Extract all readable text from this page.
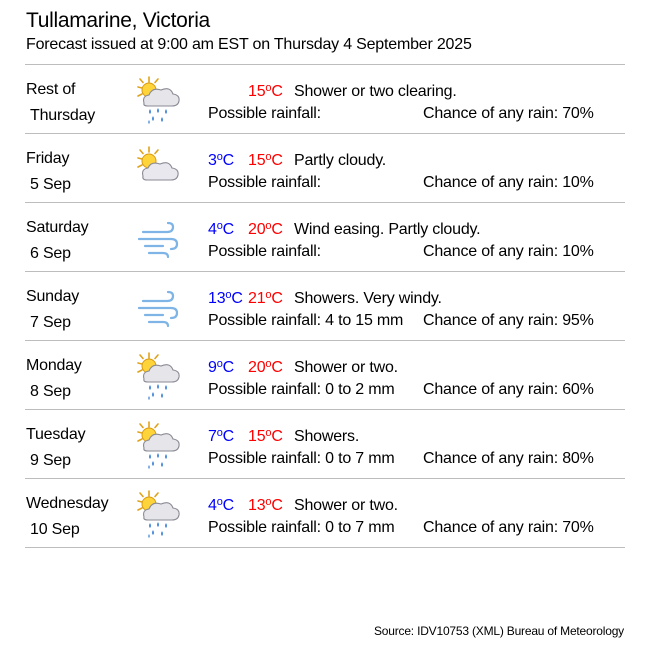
Tullamarine, Victoria
Forecast issued at 9:00 am EST on Thursday 4 September 2025
Rest of
Thursday
15$^o$C Shower or two clearing.
Possible rainfall:	Chance of any rain: 70%
Friday
5 Sep
3$^o$C 15$^o$C Partly cloudy.
Possible rainfall:	Chance of any rain: 10%
Saturday
6 Sep
4$^o$C 20$^o$C Wind easing. Partly cloudy.
Possible rainfall:	Chance of any rain: 10%
Sunday
7 Sep
13$^o$C 21$^o$C Showers. Very windy.
Possible rainfall: 4 to 15 mm Chance of any rain: 95%
Monday
8 Sep
9$^o$C 20$^o$C Shower or two.
Possible rainfall: 0 to 2 mm Chance of any rain: 60%
Tuesday
9 Sep
7$^o$C 15$^o$C Showers.
Possible rainfall: 0 to 7 mm Chance of any rain: 80%
Wednesday
10 Sep
4$^o$C 13$^o$C Shower or two.
Possible rainfall: 0 to 7 mm Chance of any rain: 70%
Source: IDV10753 (XML) Bureau of Meteorology
